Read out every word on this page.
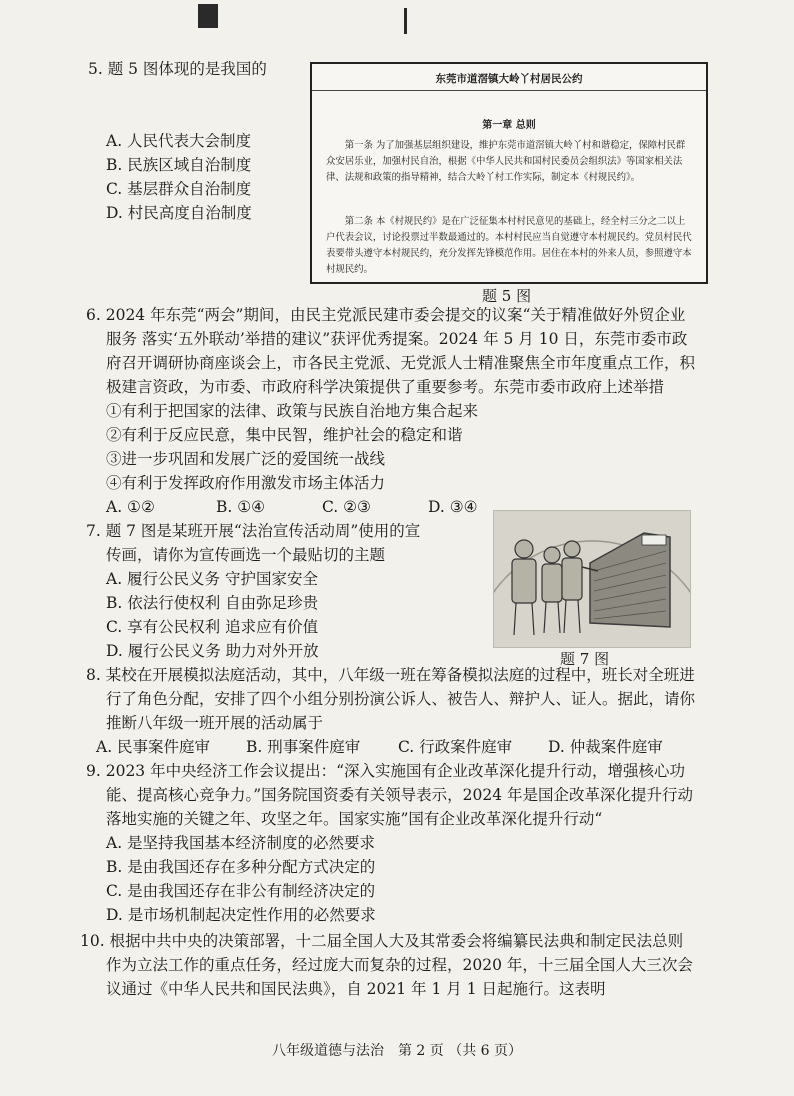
5. 题 5 图体现的是我国的
A. 人民代表大会制度
B. 民族区域自治制度
C. 基层群众自治制度
D. 村民高度自治制度
东莞市道滘镇大岭丫村居民公约
第一章 总则
第一条 为了加强基层组织建设，维护东莞市道滘镇大岭丫村和谐稳定，保障村民群众安居乐业，加强村民自治，根据《中华人民共和国村民委员会组织法》等国家相关法律、法规和政策的指导精神，结合大岭丫村工作实际，制定本《村规民约》。
第二条 本《村规民约》是在广泛征集本村村民意见的基础上，经全村三分之二以上户代表会议，讨论投票过半数最通过的。本村村民应当自觉遵守本村规民约。党员村民代表要带头遵守本村规民约，充分发挥先锋模范作用。居住在本村的外来人员，参照遵守本村规民约。
题 5 图
6. 2024 年东莞“两会”期间，由民主党派民建市委会提交的议案“关于精准做好外贸企业
服务 落实‘五外联动’举措的建议”获评优秀提案。2024 年 5 月 10 日，东莞市委市政
府召开调研协商座谈会上，市各民主党派、无党派人士精准聚焦全市年度重点工作，积
极建言资政，为市委、市政府科学决策提供了重要参考。东莞市委市政府上述举措
①有利于把国家的法律、政策与民族自治地方集合起来
②有利于反应民意，集中民智，维护社会的稳定和谐
③进一步巩固和发展广泛的爱国统一战线
④有利于发挥政府作用激发市场主体活力
A. ①②	B. ①④	C. ②③	D. ③④
7. 题 7 图是某班开展“法治宣传活动周”使用的宣
传画，请你为宣传画选一个最贴切的主题
A. 履行公民义务 守护国家安全
B. 依法行使权利 自由弥足珍贵
C. 享有公民权利 追求应有价值
D. 履行公民义务 助力对外开放	题 7 图
8. 某校在开展模拟法庭活动，其中，八年级一班在筹备模拟法庭的过程中，班长对全班进
行了角色分配，安排了四个小组分别扮演公诉人、被告人、辩护人、证人。据此，请你
推断八年级一班开展的活动属于
A. 民事案件庭审 B. 刑事案件庭审 C. 行政案件庭审 D. 仲裁案件庭审
9. 2023 年中央经济工作会议提出：“深入实施国有企业改革深化提升行动，增强核心功
能、提高核心竞争力。”国务院国资委有关领导表示，2024 年是国企改革深化提升行动
落地实施的关键之年、攻坚之年。国家实施”国有企业改革深化提升行动“
A. 是坚持我国基本经济制度的必然要求
B. 是由我国还存在多种分配方式决定的
C. 是由我国还存在非公有制经济决定的
D. 是市场机制起决定性作用的必然要求
10. 根据中共中央的决策部署，十二届全国人大及其常委会将编纂民法典和制定民法总则
作为立法工作的重点任务，经过庞大而复杂的过程，2020 年，十三届全国人大三次会
议通过《中华人民共和国民法典》，自 2021 年 1 月 1 日起施行。这表明
八年级道德与法治　第 2 页 （共 6 页）
